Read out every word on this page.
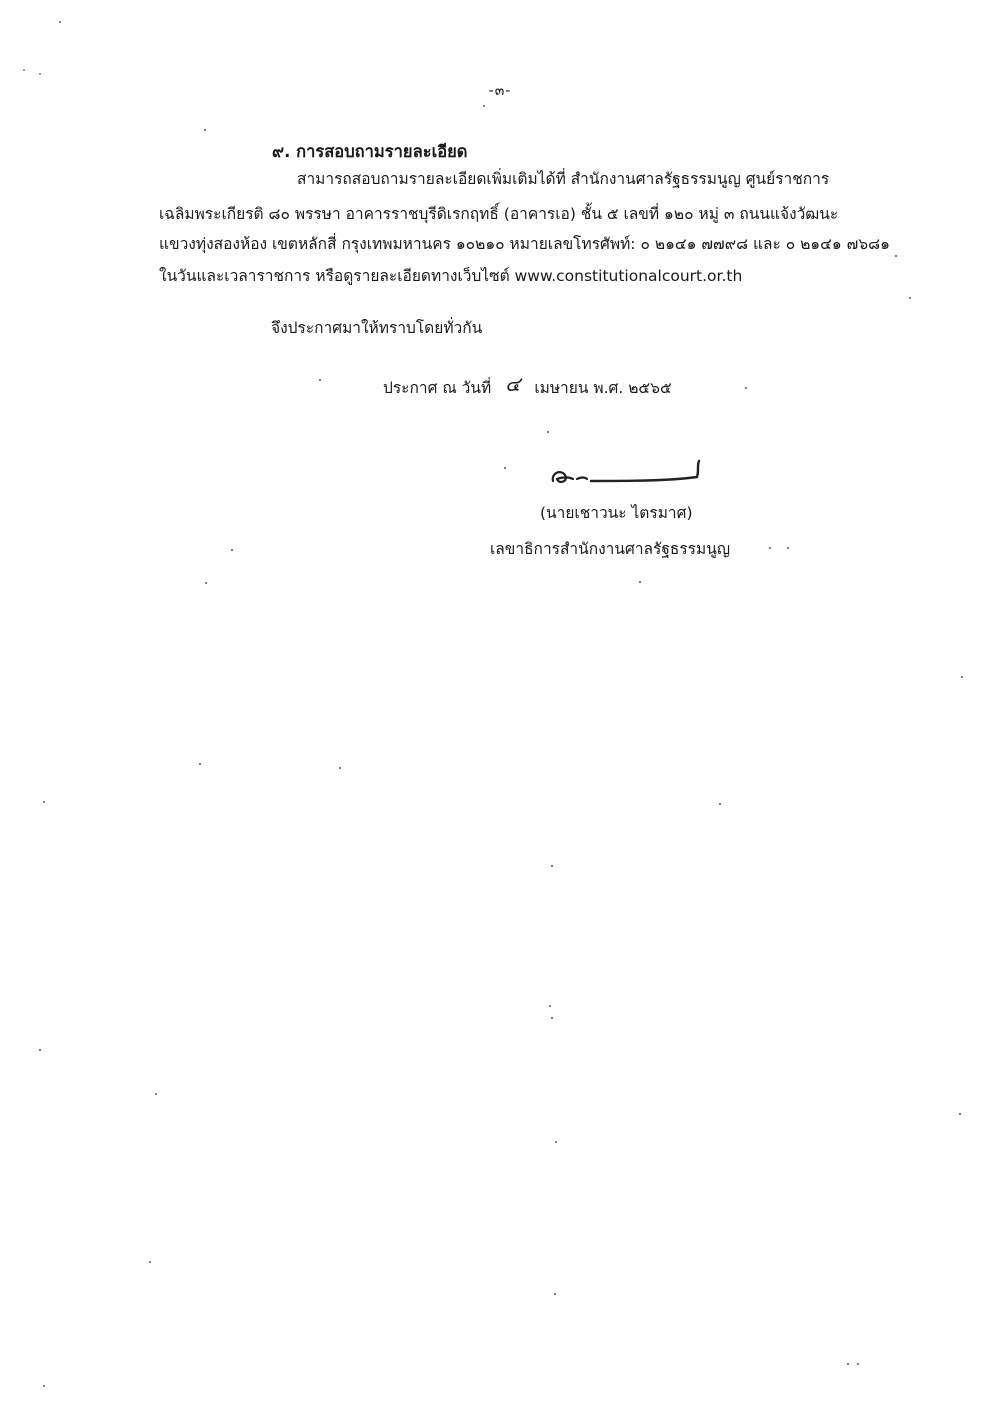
-๓-
๙. การสอบถามรายละเอียด
สามารถสอบถามรายละเอียดเพิ่มเติมได้ที่ สำนักงานศาลรัฐธรรมนูญ ศูนย์ราชการ
เฉลิมพระเกียรติ ๘๐ พรรษา อาคารราชบุรีดิเรกฤทธิ์ (อาคารเอ) ชั้น ๕ เลขที่ ๑๒๐ หมู่ ๓ ถนนแจ้งวัฒนะ
แขวงทุ่งสองห้อง เขตหลักสี่ กรุงเทพมหานคร ๑๐๒๑๐ หมายเลขโทรศัพท์: ๐ ๒๑๔๑ ๗๗๙๘ และ ๐ ๒๑๔๑ ๗๖๘๑
ในวันและเวลาราชการ หรือดูรายละเอียดทางเว็บไซต์ www.constitutionalcourt.or.th
จึงประกาศมาให้ทราบโดยทั่วกัน
ประกาศ ณ วันที่ ๔ เมษายน พ.ศ. ๒๕๖๕
(นายเชาวนะ ไตรมาศ)
เลขาธิการสำนักงานศาลรัฐธรรมนูญ
